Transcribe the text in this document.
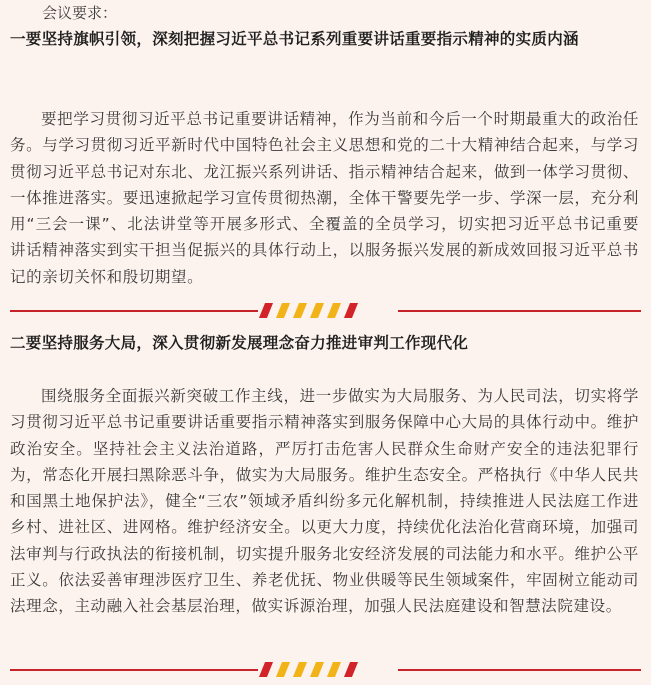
会议要求：
一要坚持旗帜引领，深刻把握习近平总书记系列重要讲话重要指示精神的实质内涵
要把学习贯彻习近平总书记重要讲话精神，作为当前和今后一个时期最重大的政治任务。与学习贯彻习近平新时代中国特色社会主义思想和党的二十大精神结合起来，与学习贯彻习近平总书记对东北、龙江振兴系列讲话、指示精神结合起来，做到一体学习贯彻、一体推进落实。要迅速掀起学习宣传贯彻热潮，全体干警要先学一步、学深一层，充分利用“三会一课”、北法讲堂等开展多形式、全覆盖的全员学习，切实把习近平总书记重要讲话精神落实到实干担当促振兴的具体行动上，以服务振兴发展的新成效回报习近平总书记的亲切关怀和殷切期望。
二要坚持服务大局，深入贯彻新发展理念奋力推进审判工作现代化
围绕服务全面振兴新突破工作主线，进一步做实为大局服务、为人民司法，切实将学习贯彻习近平总书记重要讲话重要指示精神落实到服务保障中心大局的具体行动中。维护政治安全。坚持社会主义法治道路，严厉打击危害人民群众生命财产安全的违法犯罪行为，常态化开展扫黑除恶斗争，做实为大局服务。维护生态安全。严格执行《中华人民共和国黑土地保护法》，健全“三农”领域矛盾纠纷多元化解机制，持续推进人民法庭工作进乡村、进社区、进网格。维护经济安全。以更大力度，持续优化法治化营商环境，加强司法审判与行政执法的衔接机制，切实提升服务北安经济发展的司法能力和水平。维护公平正义。依法妥善审理涉医疗卫生、养老优抚、物业供暖等民生领域案件，牢固树立能动司法理念，主动融入社会基层治理，做实诉源治理，加强人民法庭建设和智慧法院建设。
